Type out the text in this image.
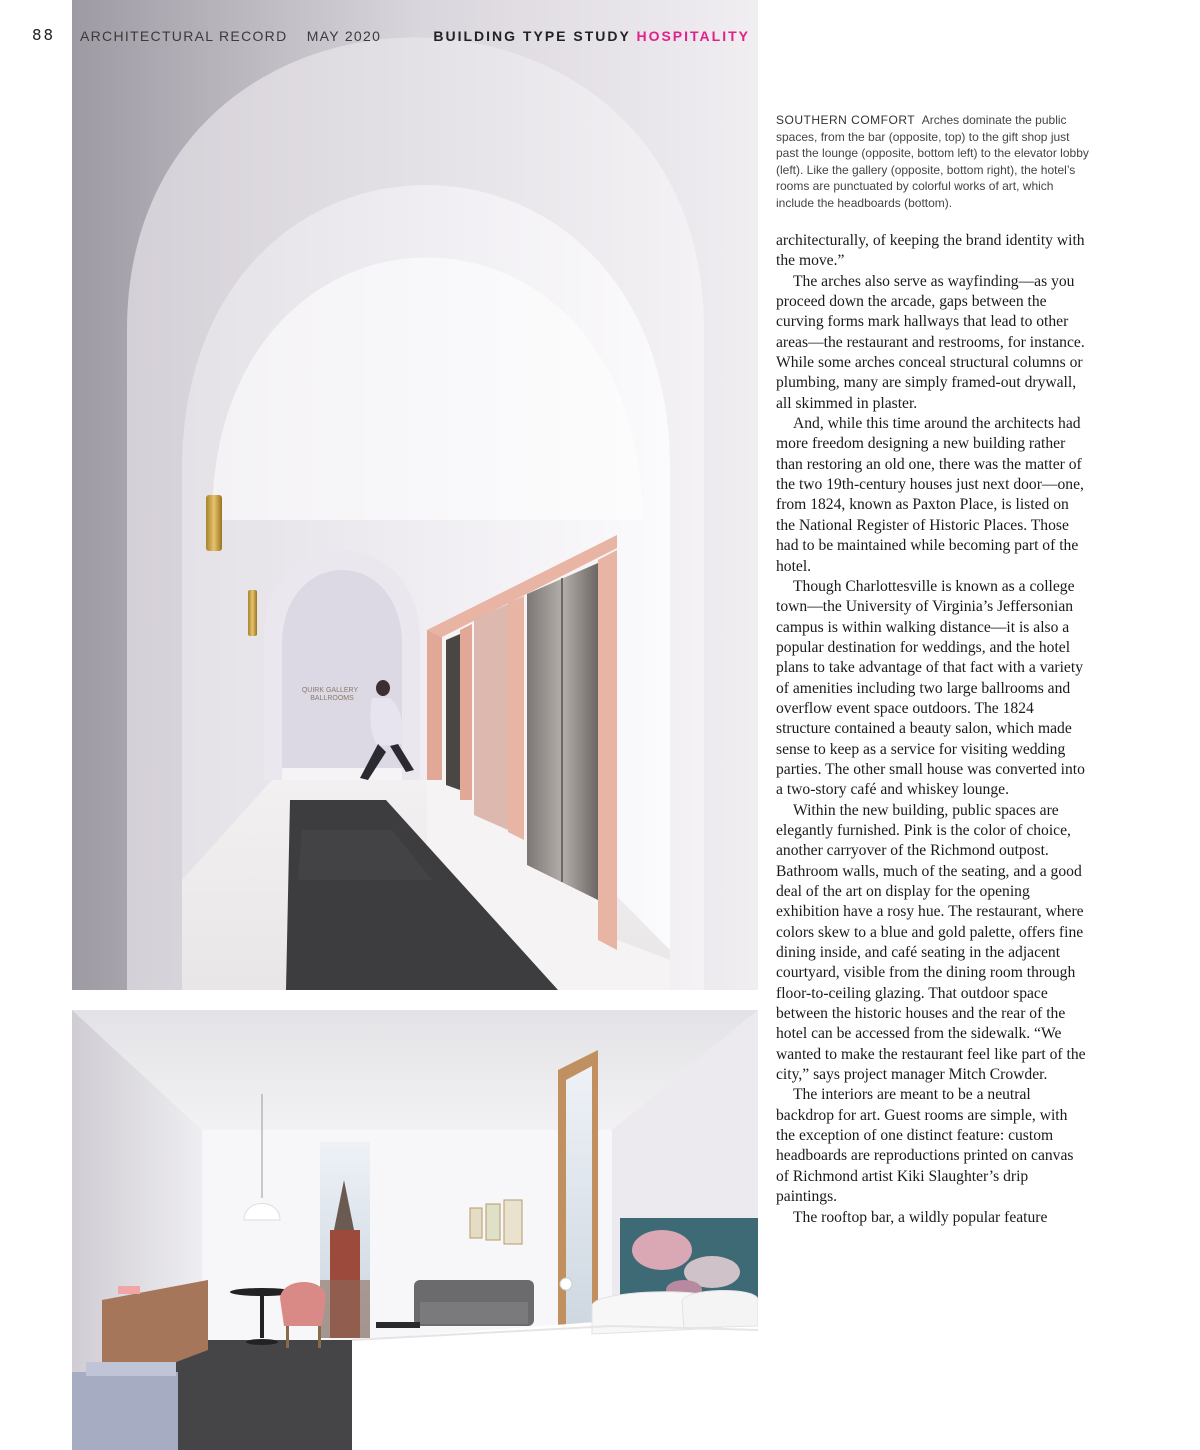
88
QUIRK GALLERY
BALLROOMS
ARCHITECTURAL RECORD MAY 2020	BUILDING TYPE STUDY HOSPITALITY
SOUTHERN COMFORT Arches dominate the public spaces, from the bar (opposite, top) to the gift shop just past the lounge (opposite, bottom left) to the elevator lobby (left). Like the gallery (opposite, bottom right), the hotel’s rooms are punctuated by colorful works of art, which include the headboards (bottom).

architecturally, of keeping the brand identity with the move.”

The arches also serve as wayfinding—as you proceed down the arcade, gaps between the curving forms mark hallways that lead to other areas—the restaurant and restrooms, for instance. While some arches conceal structural columns or plumbing, many are simply framed-out drywall, all skimmed in plaster.

And, while this time around the architects had more freedom designing a new building rather than restoring an old one, there was the matter of the two 19th-century houses just next door—one, from 1824, known as Paxton Place, is listed on the National Register of Historic Places. Those had to be maintained while becoming part of the hotel.

Though Charlottesville is known as a college town—the University of Virginia’s Jeffersonian campus is within walking distance—it is also a popular destination for weddings, and the hotel plans to take advantage of that fact with a variety of amenities including two large ballrooms and overflow event space outdoors. The 1824 structure contained a beauty salon, which made sense to keep as a service for visiting wedding parties. The other small house was converted into a two-story café and whiskey lounge.

Within the new building, public spaces are elegantly furnished. Pink is the color of choice, another carryover of the Richmond outpost. Bathroom walls, much of the seating, and a good deal of the art on display for the opening exhibition have a rosy hue. The restaurant, where colors skew to a blue and gold palette, offers fine dining inside, and café seating in the adjacent courtyard, visible from the dining room through floor-to-ceiling glazing. That outdoor space between the historic houses and the rear of the hotel can be accessed from the sidewalk. “We wanted to make the restaurant feel like part of the city,” says project manager Mitch Crowder.

The interiors are meant to be a neutral backdrop for art. Guest rooms are simple, with the exception of one distinct feature: custom headboards are reproductions printed on canvas of Richmond artist Kiki Slaughter’s drip paintings.

The rooftop bar, a wildly popular feature
